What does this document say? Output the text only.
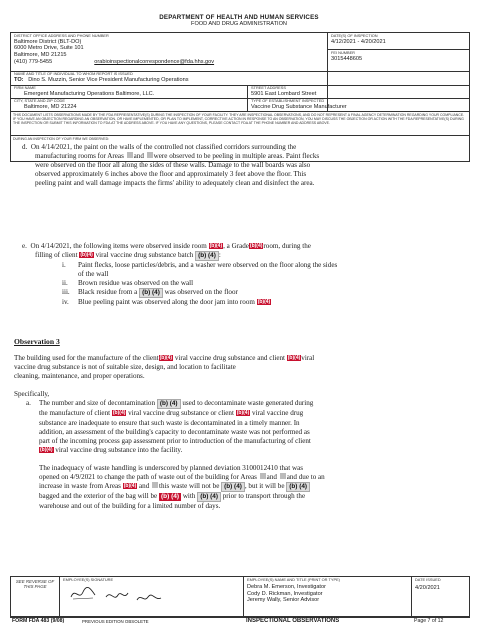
DEPARTMENT OF HEALTH AND HUMAN SERVICES
FOOD AND DRUG ADMINISTRATION
DISTRICT OFFICE ADDRESS AND PHONE NUMBER
Baltimore District (BLT-DO)
6000 Metro Drive, Suite 101
Baltimore, MD 21215
(410) 779-5455	orabioinspectionalcorrespondence@fda.hhs.gov
DATE(S) OF INSPECTION
4/12/2021 - 4/20/2021
FEI NUMBER
3015448605
NAME AND TITLE OF INDIVIDUAL TO WHOM REPORT IS ISSUED
TO: Dino S. Muzzin, Senior Vice President Manufacturing Operations
FIRM NAME
Emergent Manufacturing Operations Baltimore, LLC.
STREET ADDRESS
5901 East Lombard Street
CITY, STATE AND ZIP CODE
Baltimore, MD 21224
TYPE OF ESTABLISHMENT INSPECTED
Vaccine Drug Substance Manufacturer
THIS DOCUMENT LISTS OBSERVATIONS MADE BY THE FDA REPRESENTATIVE(S) DURING THE INSPECTION OF YOUR FACILITY. THEY ARE INSPECTIONAL OBSERVATIONS, AND DO NOT REPRESENT A FINAL AGENCY DETERMINATION REGARDING YOUR COMPLIANCE. IF YOU HAVE AN OBJECTION REGARDING AN OBSERVATION, OR HAVE IMPLEMENTED, OR PLAN TO IMPLEMENT, CORRECTIVE ACTION IN RESPONSE TO AN OBSERVATION, YOU MAY DISCUSS THE OBJECTION OR ACTION WITH THE FDA REPRESENTATIVE(S) DURING THE INSPECTION OR SUBMIT THIS INFORMATION TO FDA AT THE ADDRESS ABOVE. IF YOU HAVE ANY QUESTIONS, PLEASE CONTACT FDA AT THE PHONE NUMBER AND ADDRESS ABOVE.
DURING AN INSPECTION OF YOUR FIRM WE OBSERVED:
d. On 4/14/2021, the paint on the walls of the controlled not classified corridors surrounding the
manufacturing rooms for Areas and were observed to be peeling in multiple areas. Paint flecks
were observed on the floor all along the sides of these walls. Damage to the wall boards was also
observed approximately 6 inches above the floor and approximately 3 feet above the floor. This
peeling paint and wall damage impacts the firms' ability to adequately clean and disinfect the area.
e. On 4/14/2021, the following items were observed inside room (b)(4), a Grade(b)(4)room, during the
filling of client (b)(4) viral vaccine drug substance batch (b) (4) :
i. Paint flecks, loose particles/debris, and a washer were observed on the floor along the sides
of the wall
ii. Brown residue was observed on the wall
iii. Black residue from a (b) (4) was observed on the floor
iv. Blue peeling paint was observed along the door jam into room (b)(4)
Observation 3
The building used for the manufacture of the client(b)(4) viral vaccine drug substance and client (b)(4)viral
vaccine drug substance is not of suitable size, design, and location to facilitate
cleaning, maintenance, and proper operations.
Specifically,
a. The number and size of decontamination (b) (4) used to decontaminate waste generated during
the manufacture of client (b)(4) viral vaccine drug substance or client (b)(4) viral vaccine drug
substance are inadequate to ensure that such waste is decontaminated in a timely manner. In
addition, an assessment of the building's capacity to decontaminate waste was not performed as
part of the incoming process gap assessment prior to introduction of the manufacturing of client
(b)(4) viral vaccine drug substance into the facility.
The inadequacy of waste handling is underscored by planned deviation 3100012410 that was
opened on 4/9/2021 to change the path of waste out of the building for Areas and and due to an
increase in waste from Areas (b)(4) and this waste will not be (b) (4) , but it will be (b) (4)
bagged and the exterior of the bag will be (b) (4) with (b) (4) prior to transport through the
warehouse and out of the building for a limited number of days.
SEE REVERSE OF THIS PAGE
EMPLOYEE(S) SIGNATURE	EMPLOYEE(S) NAME AND TITLE (PRINT OR TYPE)
Debra M. Emerson, Investigator
Cody D. Rickman, Investigator
Jeremy Wally, Senior Advisor
DATE ISSUED
4/20/2021
FORM FDA 483 (9/08)	PREVIOUS EDITION OBSOLETE	INSPECTIONAL OBSERVATIONS	Page 7 of 12
